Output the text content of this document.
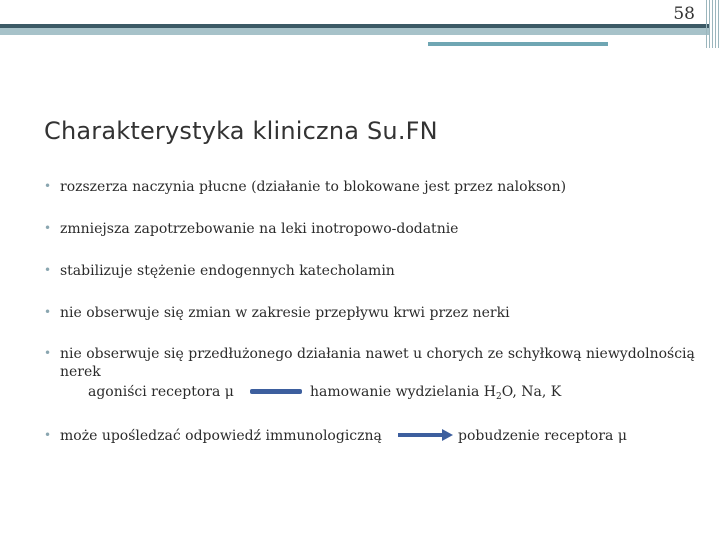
58
Charakterystyka kliniczna Su.FN
• rozszerza naczynia płucne (działanie to blokowane jest przez nalokson)
• zmniejsza zapotrzebowanie na leki inotropowo-dodatnie
• stabilizuje stężenie endogennych katecholamin
• nie obserwuje się zmian w zakresie przepływu krwi przez nerki
• nie obserwuje się przedłużonego działania nawet u chorych ze schyłkową niewydolnością
nerek
agoniści receptora μ	hamowanie wydzielania $H_2O$, Na, K
• może upośledzać odpowiedź immunologiczną	pobudzenie receptora μ
